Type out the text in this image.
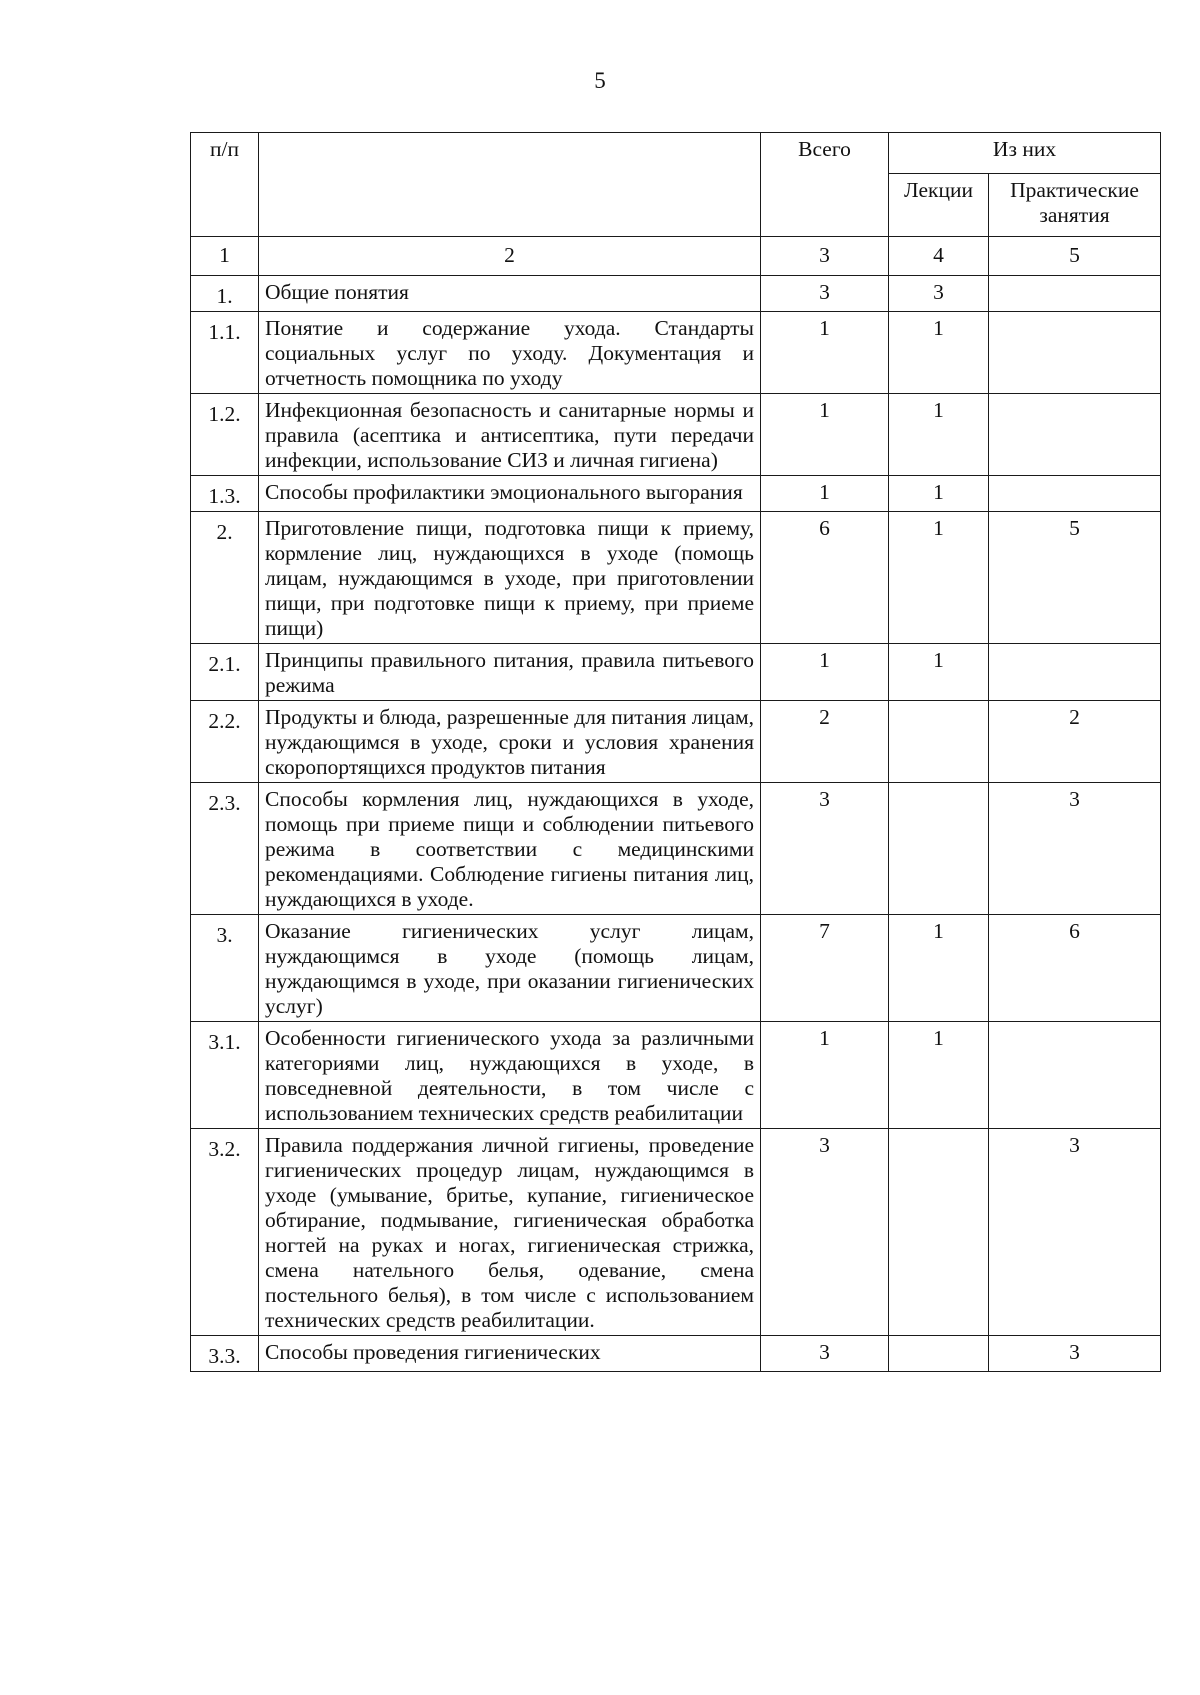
5
п/п		Всего	Из них	
			Лекции	Практические занятия
1	2	3	4	5
1.	Общие понятия	3	3	
1.1.	Понятие и содержание ухода. Стандарты социальных услуг по уходу. Документация и отчетность помощника по уходу	1	1	
1.2.	Инфекционная безопасность и санитарные нормы и правила (асептика и антисептика, пути передачи инфекции, использование СИЗ и личная гигиена)	1	1	
1.3.	Способы профилактики эмоционального выгорания	1	1	
2.	Приготовление пищи, подготовка пищи к приему, кормление лиц, нуждающихся в уходе (помощь лицам, нуждающимся в уходе, при приготовлении пищи, при подготовке пищи к приему, при приеме пищи)	6	1	5
2.1.	Принципы правильного питания, правила питьевого режима	1	1	
2.2.	Продукты и блюда, разрешенные для питания лицам, нуждающимся в уходе, сроки и условия хранения скоропортящихся продуктов питания	2		2
2.3.	Способы кормления лиц, нуждающихся в уходе, помощь при приеме пищи и соблюдении питьевого режима в соответствии с медицинскими рекомендациями. Соблюдение гигиены питания лиц, нуждающихся в уходе.	3		3
3.	Оказание гигиенических услуг лицам, нуждающимся в уходе (помощь лицам, нуждающимся в уходе, при оказании гигиенических услуг)	7	1	6
3.1.	Особенности гигиенического ухода за различными категориями лиц, нуждающихся в уходе, в повседневной деятельности, в том числе с использованием технических средств реабилитации	1	1	
3.2.	Правила поддержания личной гигиены, проведение гигиенических процедур лицам, нуждающимся в уходе (умывание, бритье, купание, гигиеническое обтирание, подмывание, гигиеническая обработка ногтей на руках и ногах, гигиеническая стрижка, смена нательного белья, одевание, смена постельного белья), в том числе с использованием технических средств реабилитации.	3		3
3.3.	Способы проведения гигиенических	3		3
